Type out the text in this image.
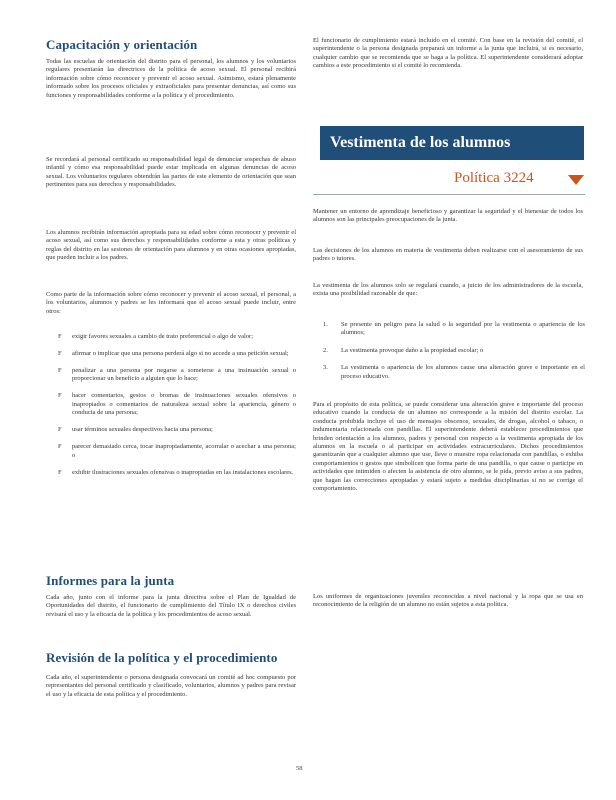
Capacitación y orientación
Todas las escuelas de orientación del distrito para el personal, los alumnos y los voluntarios regulares presentarán las directrices de la política de acoso sexual. El personal recibirá información sobre cómo reconocer y prevenir el acoso sexual. Asimismo, estará plenamente informado sobre los procesos oficiales y extraoficiales para presentar denuncias, así como sus funciones y responsabilidades conforme a la política y el procedimiento.
Se recordará al personal certificado su responsabilidad legal de denunciar sospechas de abuso infantil y cómo esa responsabilidad puede estar implicada en algunas denuncias de acoso sexual. Los voluntarios regulares obtendrán las partes de este elemento de orientación que sean pertinentes para sus derechos y responsabilidades.
Los alumnos recibirán información apropiada para su edad sobre cómo reconocer y prevenir el acoso sexual, así como sus derechos y responsabilidades conforme a esta y otras políticas y reglas del distrito en las sesiones de orientación para alumnos y en otras ocasiones apropiadas, que pueden incluir a los padres.
Como parte de la información sobre cómo reconocer y prevenir el acoso sexual, el personal, a los voluntarios, alumnos y padres se les informará que el acoso sexual puede incluir, entre otros:
F exigir favores sexuales a cambio de trato preferencial o algo de valor;
F afirmar o implicar que una persona perderá algo si no accede a una petición sexual;
F penalizar a una persona por negarse a someterse a una insinuación sexual o proporcionar un beneficio a alguien que lo hace;
F hacer comentarios, gestos o bromas de insinuaciones sexuales ofensivos o inapropiados o comentarios de naturaleza sexual sobre la apariencia, género o conducta de una persona;
F usar términos sexuales despectivos hacia una persona;
F parecer demasiado cerca, tocar inapropiadamente, acorralar o acechar a una persona; o
F exhibir ilustraciones sexuales ofensivas o inapropiadas en las instalaciones escolares.
Informes para la junta
Cada año, junto con el informe para la junta directiva sobre el Plan de Igualdad de Oportunidades del distrito, el funcionario de cumplimiento del Título IX o derechos civiles revisará el uso y la eficacia de la política y los procedimientos de acoso sexual.
Revisión de la política y el procedimiento
Cada año, el superintendente o persona designada convocará un comité ad hoc compuesto por representantes del personal certificado y clasificado, voluntarios, alumnos y padres para revisar el uso y la eficacia de esta política y el procedimiento.
El funcionario de cumplimiento estará incluido en el comité. Con base en la revisión del comité, el superintendente o la persona designada preparará un informe a la junta que incluirá, si es necesario, cualquier cambio que se recomienda que se haga a la política. El superintendente considerará adoptar cambios a este procedimiento si el comité lo recomienda.
Vestimenta de los alumnos
Política 3224
Mantener un entorno de aprendizaje beneficioso y garantizar la seguridad y el bienestar de todos los alumnos son las principales preocupaciones de la junta.
Las decisiones de los alumnos en materia de vestimenta deben realizarse con el asesoramiento de sus padres o tutores.
La vestimenta de los alumnos solo se regulará cuando, a juicio de los administradores de la escuela, exista una posibilidad razonable de que:
1. Se presente un peligro para la salud o la seguridad por la vestimenta o apariencia de los alumnos;
2. La vestimenta provoque daño a la propiedad escolar; o
3. La vestimenta o apariencia de los alumnos cause una alteración grave e importante en el proceso educativo.
Para el propósito de esta política, se puede considerar una alteración grave e importante del proceso educativo cuando la conducta de un alumno no corresponde a la misión del distrito escolar. La conducta prohibida incluye el uso de mensajes obscenos, sexuales, de drogas, alcohol o tabaco, o indumentaria relacionada con pandillas. El superintendente deberá establecer procedimientos que brinden orientación a los alumnos, padres y personal con respecto a la vestimenta apropiada de los alumnos en la escuela o al participar en actividades extracurriculares. Dichos procedimientos garantizarán que a cualquier alumno que use, lleve o muestre ropa relacionada con pandillas, o exhiba comportamientos o gestos que simbolicen que forma parte de una pandilla, o que cause o participe en actividades que intimiden o afecten la asistencia de otro alumno, se le pida, previo aviso a sus padres, que hagan las correcciones apropiadas y estará sujeto a medidas disciplinarias si no se corrige el comportamiento.
Los uniformes de organizaciones juveniles reconocidas a nivel nacional y la ropa que se usa en reconocimiento de la religión de un alumno no están sujetos a esta política.
58
